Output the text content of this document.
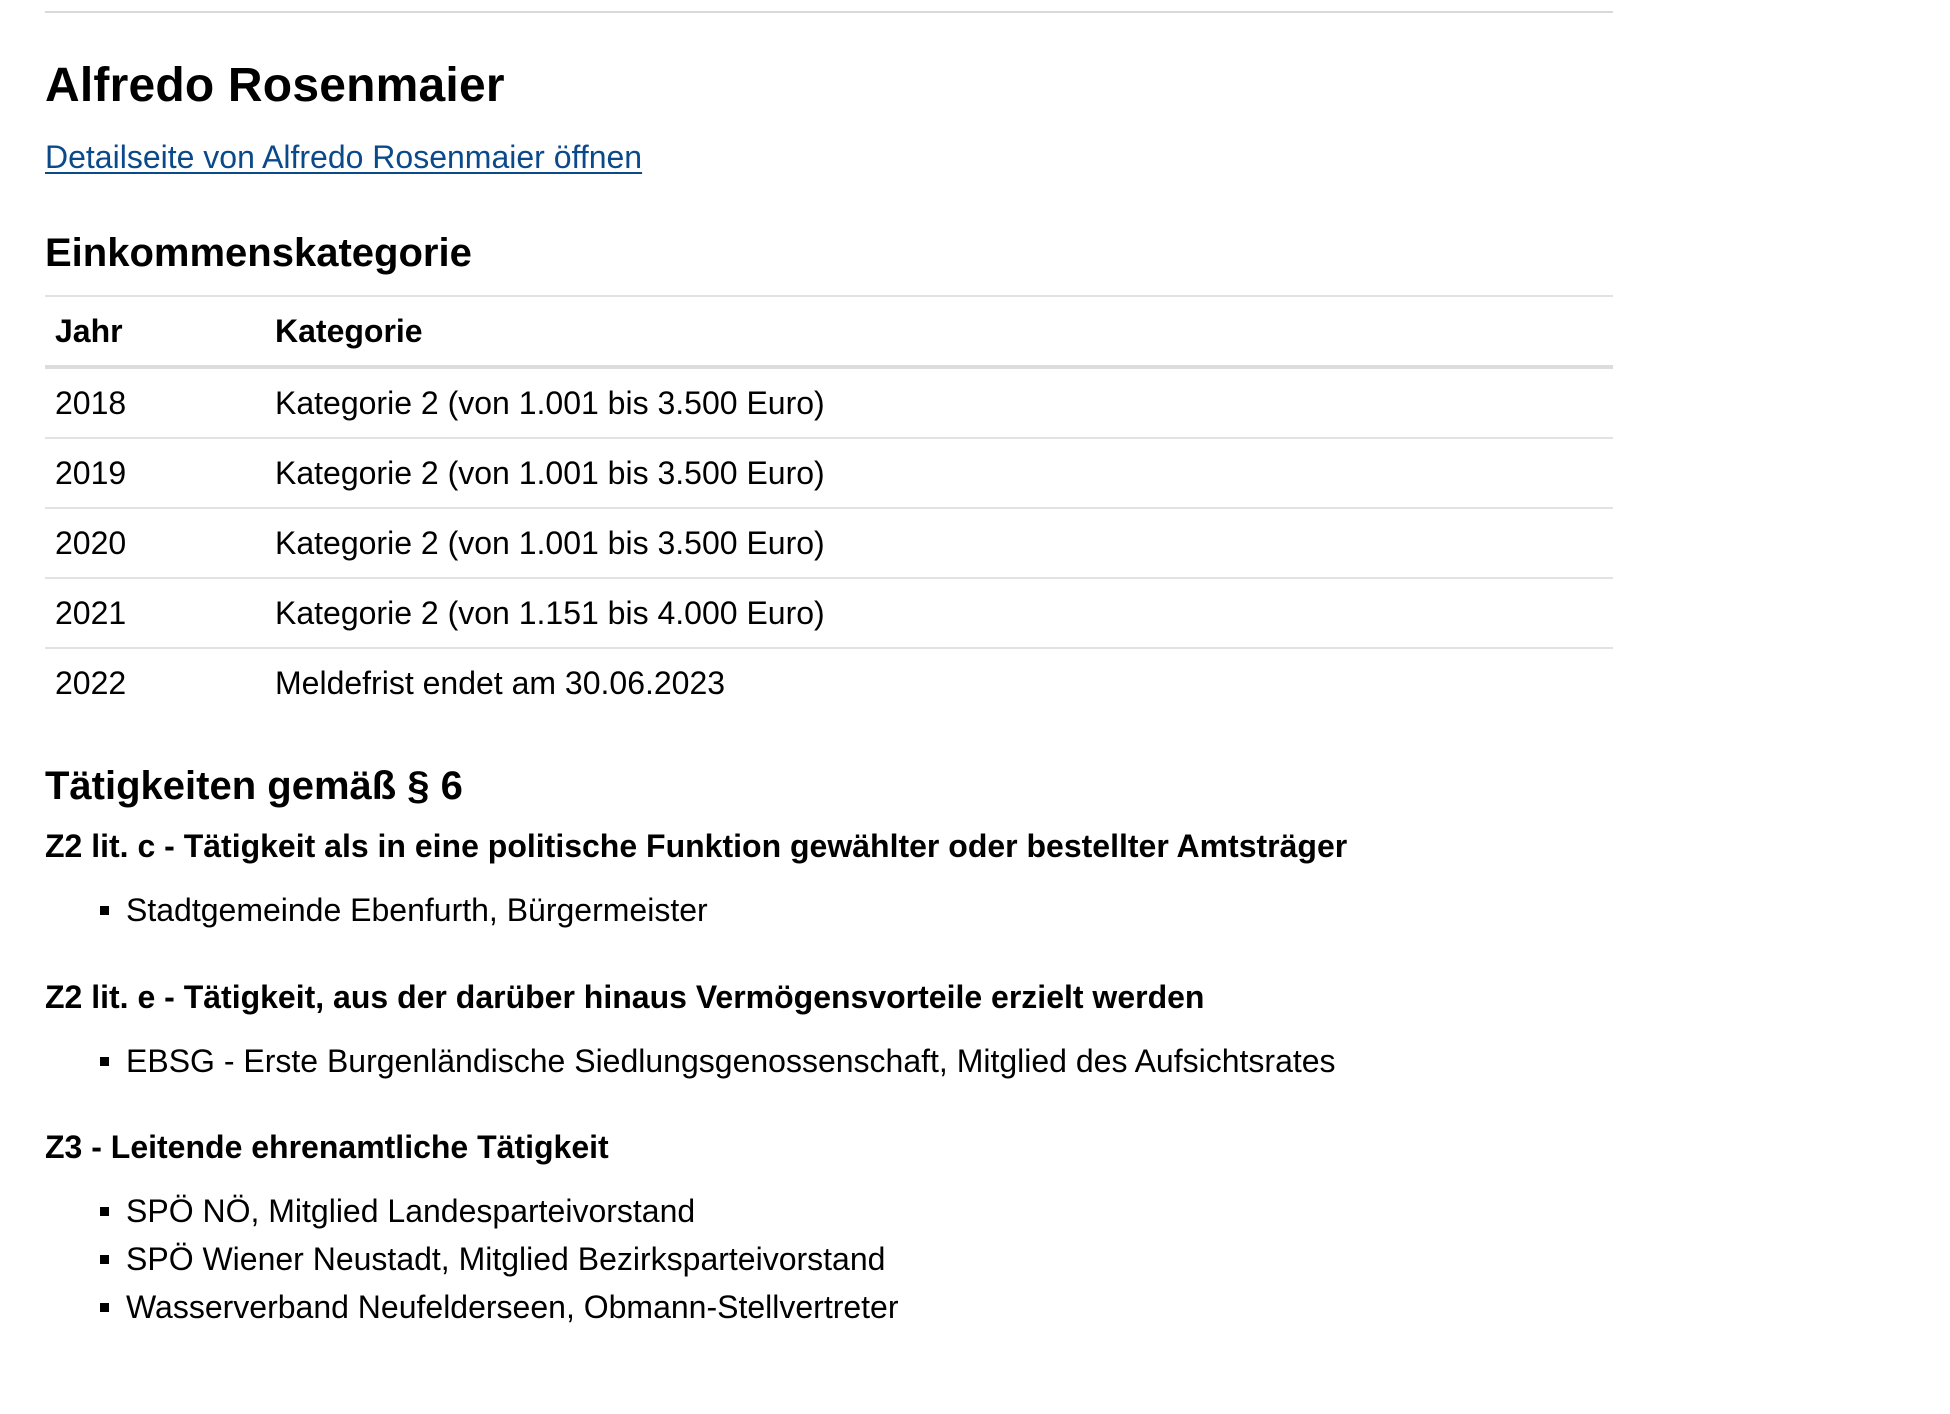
Alfredo Rosenmaier
Detailseite von Alfredo Rosenmaier öffnen
Einkommenskategorie
Jahr	Kategorie
2018	Kategorie 2 (von 1.001 bis 3.500 Euro)
2019	Kategorie 2 (von 1.001 bis 3.500 Euro)
2020	Kategorie 2 (von 1.001 bis 3.500 Euro)
2021	Kategorie 2 (von 1.151 bis 4.000 Euro)
2022	Meldefrist endet am 30.06.2023
Tätigkeiten gemäß § 6
Z2 lit. c - Tätigkeit als in eine politische Funktion gewählter oder bestellter Amtsträger
Stadtgemeinde Ebenfurth, Bürgermeister
Z2 lit. e - Tätigkeit, aus der darüber hinaus Vermögensvorteile erzielt werden
EBSG - Erste Burgenländische Siedlungsgenossenschaft, Mitglied des Aufsichtsrates
Z3 - Leitende ehrenamtliche Tätigkeit
SPÖ NÖ, Mitglied Landesparteivorstand
SPÖ Wiener Neustadt, Mitglied Bezirksparteivorstand
Wasserverband Neufelderseen, Obmann-Stellvertreter
